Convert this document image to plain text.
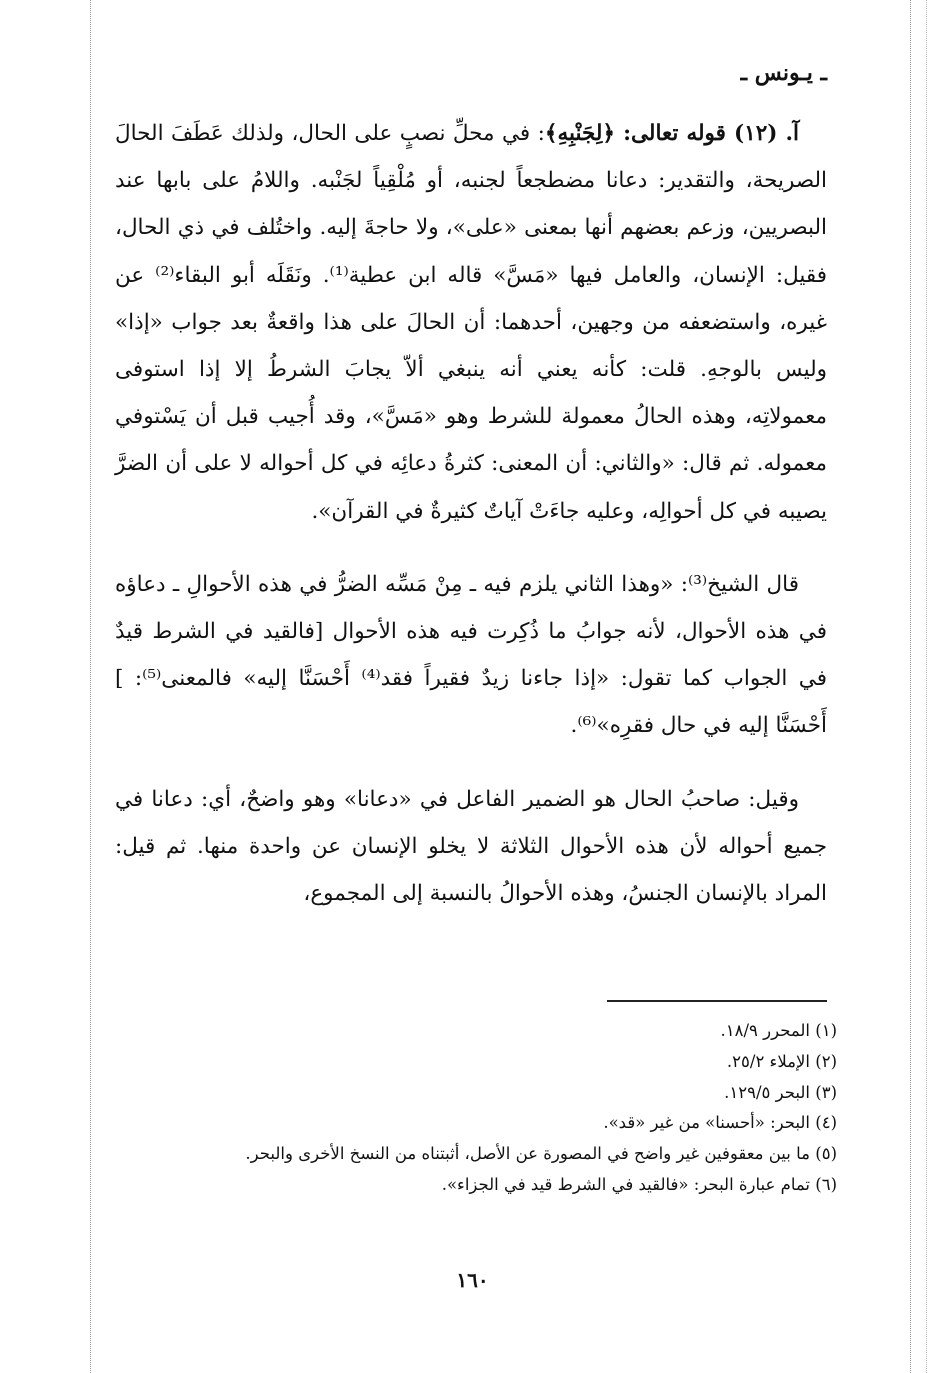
ـ يـونس ـ

آ. (١٢) قوله تعالى: ﴿لِجَنْبِهِ﴾: في محلِّ نصبٍ على الحال، ولذلك عَطَفَ الحالَ الصريحة، والتقدير: دعانا مضطجعاً لجنبه، أو مُلْقِياً لجَنْبه. واللامُ على بابها عند البصريين، وزعم بعضهم أنها بمعنى «على»، ولا حاجةَ إليه. واختُلف في ذي الحال، فقيل: الإنسان، والعامل فيها «مَسَّ» قاله ابن عطية⁽¹⁾. ونَقَلَه أبو البقاء⁽²⁾ عن غيره، واستضعفه من وجهين، أحدهما: أن الحالَ على هذا واقعةٌ بعد جواب «إذا» وليس بالوجهِ. قلت: كأنه يعني أنه ينبغي ألاّ يجابَ الشرطُ إلا إذا استوفى معمولاتِه، وهذه الحالُ معمولة للشرط وهو «مَسَّ»، وقد أُجيب قبل أن يَسْتوفي معموله. ثم قال: «والثاني: أن المعنى: كثرةُ دعائِه في كل أحواله لا على أن الضرَّ يصيبه في كل أحوالِه، وعليه جاءَتْ آياتٌ كثيرةٌ في القرآن».

قال الشيخ⁽³⁾: «وهذا الثاني يلزم فيه ـ مِنْ مَسِّه الضرُّ في هذه الأحوالِ ـ دعاؤه في هذه الأحوال، لأنه جوابُ ما ذُكِرت فيه هذه الأحوال [فالقيد في الشرط قيدٌ في الجواب كما تقول: «إذا جاءنا زيدٌ فقيراً فقد⁽⁴⁾ أَحْسَنَّا إليه» فالمعنى⁽⁵⁾: ] أَحْسَنَّا إليه في حال فقرِه»⁽⁶⁾.

وقيل: صاحبُ الحال هو الضمير الفاعل في «دعانا» وهو واضحٌ، أي: دعانا في جميع أحواله لأن هذه الأحوال الثلاثة لا يخلو الإنسان عن واحدة منها. ثم قيل: المراد بالإنسان الجنسُ، وهذه الأحوالُ بالنسبة إلى المجموع،

(١) المحرر ١٨/٩.
(٢) الإملاء ٢٥/٢.
(٣) البحر ١٢٩/٥.
(٤) البحر: «أحسنا» من غير «قد».
(٥) ما بين معقوفين غير واضح في المصورة عن الأصل، أثبتناه من النسخ الأخرى والبحر.
(٦) تمام عبارة البحر: «فالقيد في الشرط قيد في الجزاء».
١٦٠
